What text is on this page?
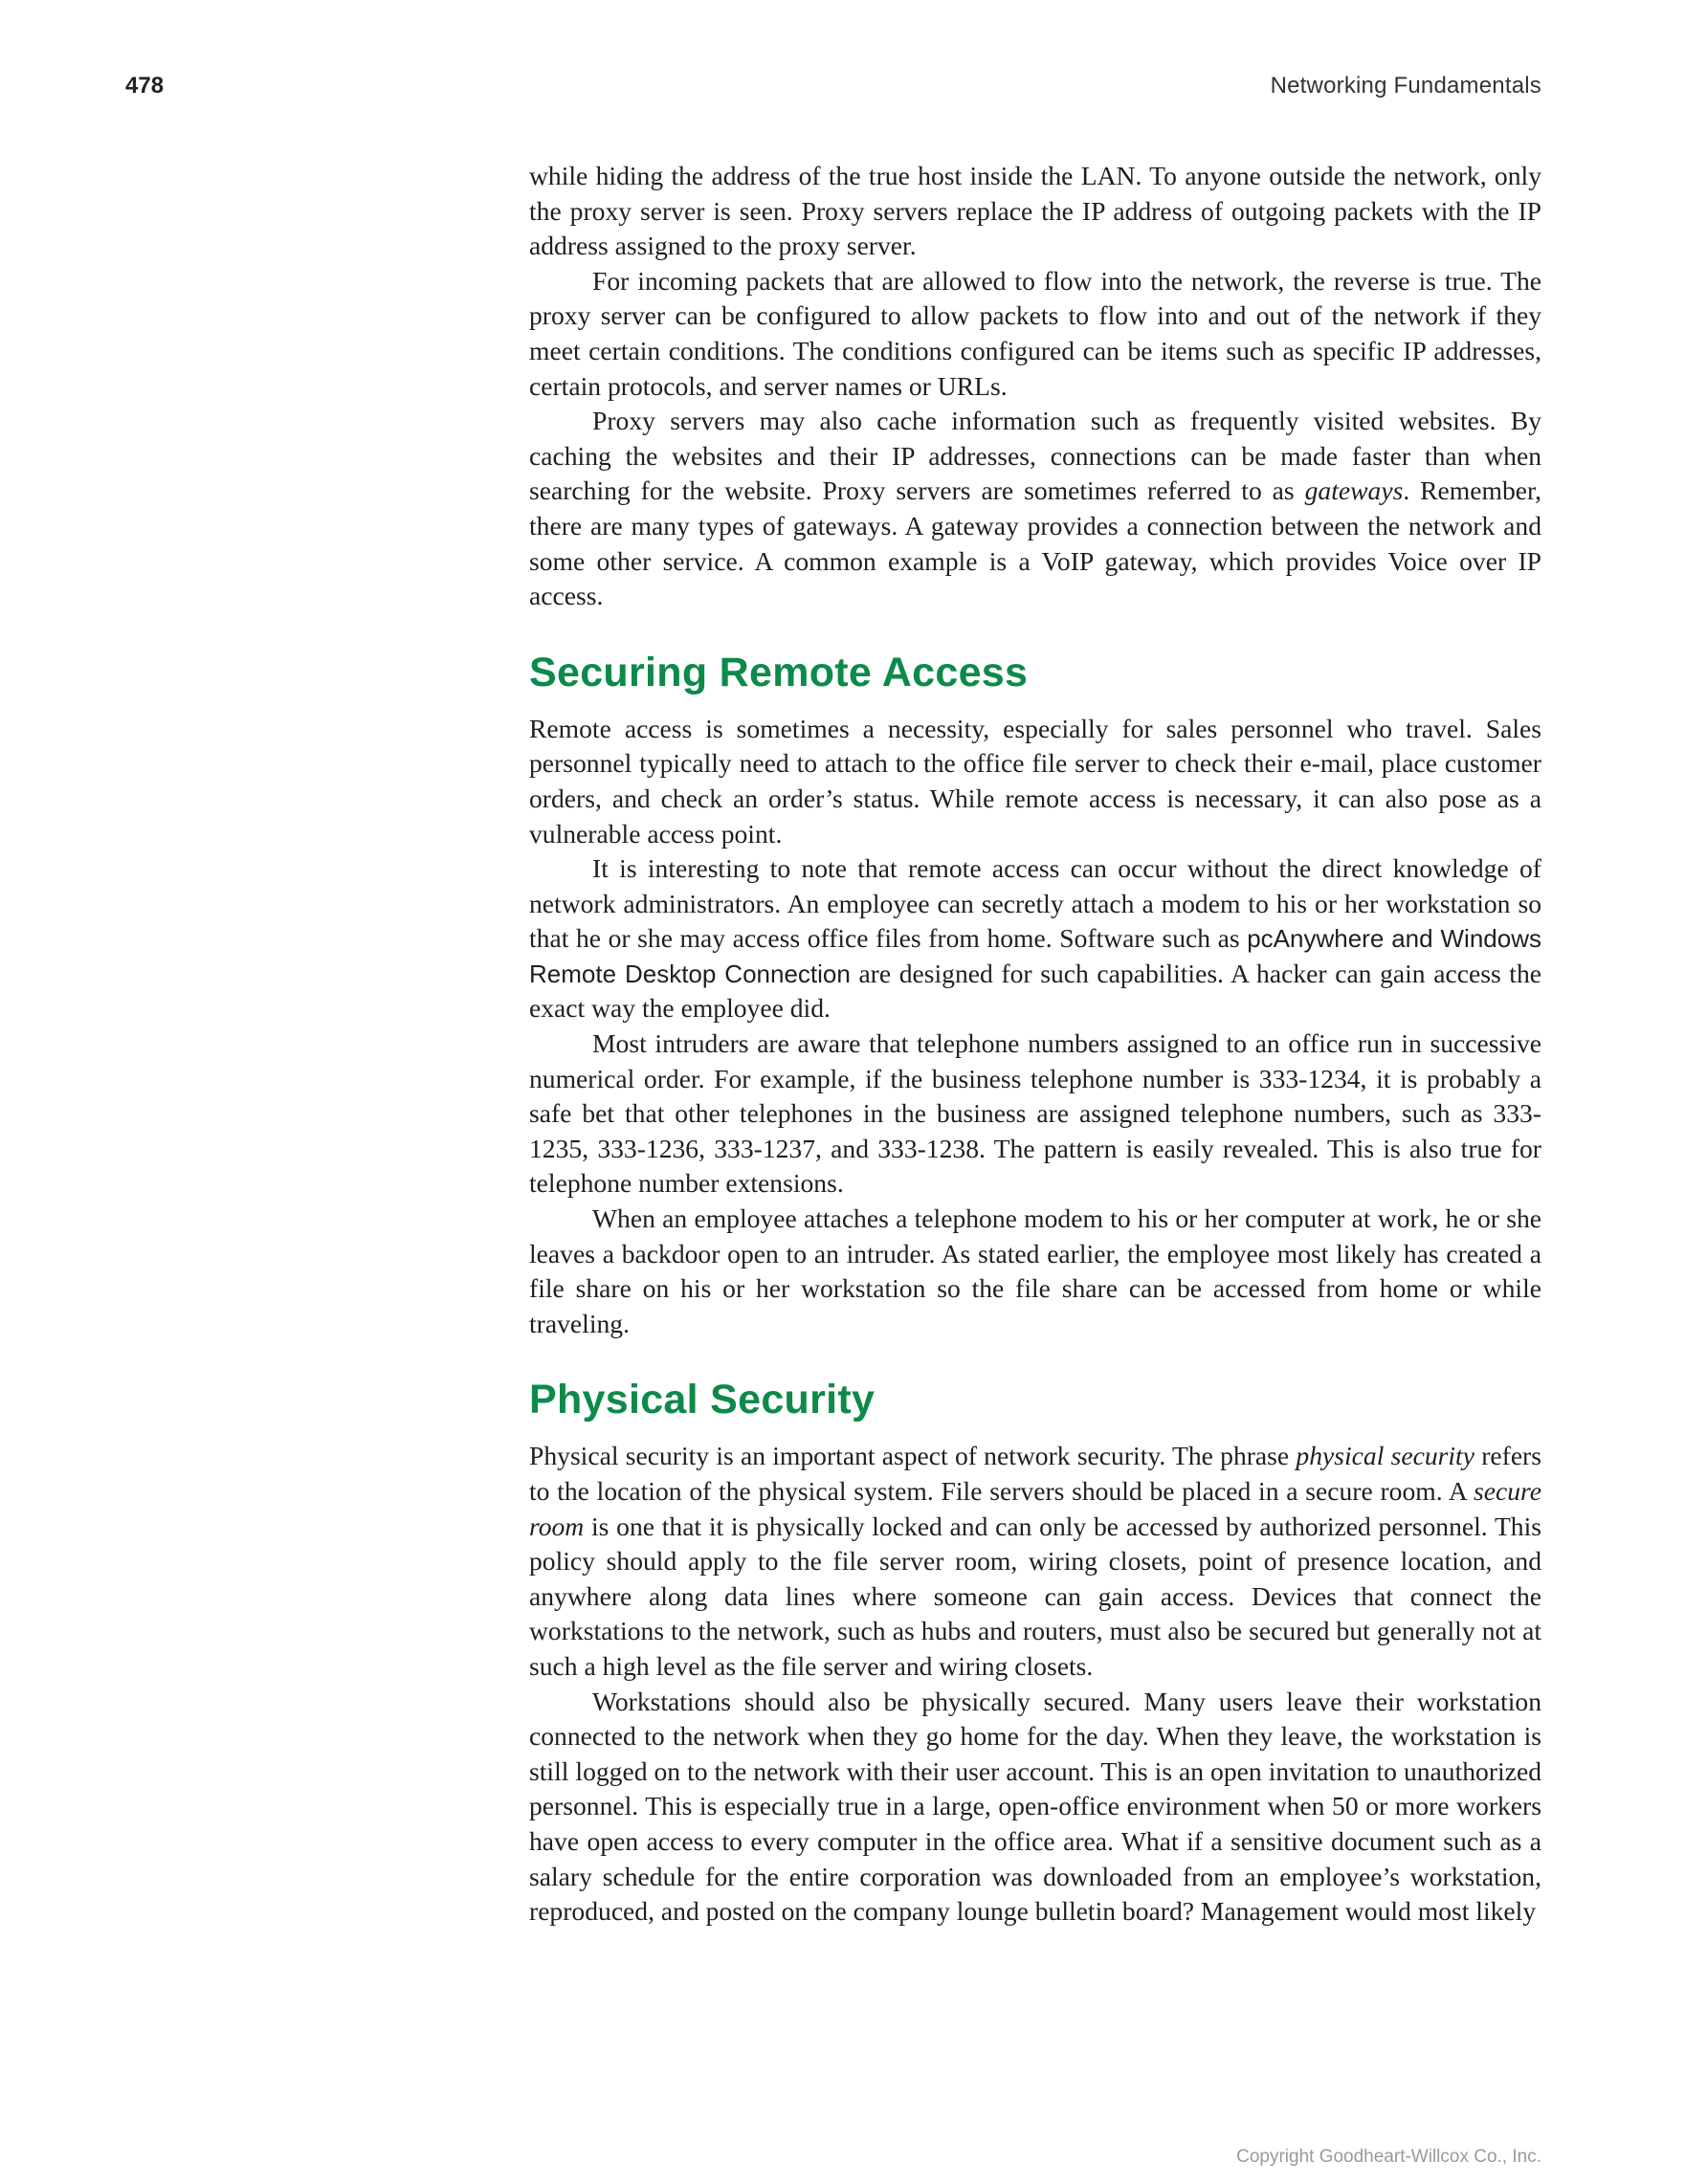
478	Networking Fundamentals

while hiding the address of the true host inside the LAN. To anyone outside the network, only the proxy server is seen. Proxy servers replace the IP address of outgoing packets with the IP address assigned to the proxy server.

For incoming packets that are allowed to flow into the network, the reverse is true. The proxy server can be configured to allow packets to flow into and out of the network if they meet certain conditions. The conditions configured can be items such as specific IP addresses, certain protocols, and server names or URLs.

Proxy servers may also cache information such as frequently visited websites. By caching the websites and their IP addresses, connections can be made faster than when searching for the website. Proxy servers are sometimes referred to as gateways. Remember, there are many types of gateways. A gateway provides a connection between the network and some other service. A common example is a VoIP gateway, which provides Voice over IP access.

Securing Remote Access

Remote access is sometimes a necessity, especially for sales personnel who travel. Sales personnel typically need to attach to the office file server to check their e-mail, place customer orders, and check an order’s status. While remote access is necessary, it can also pose as a vulnerable access point.

It is interesting to note that remote access can occur without the direct knowledge of network administrators. An employee can secretly attach a modem to his or her workstation so that he or she may access office files from home. Software such as pcAnywhere and Windows Remote Desktop Connection are designed for such capabilities. A hacker can gain access the exact way the employee did.

Most intruders are aware that telephone numbers assigned to an office run in successive numerical order. For example, if the business telephone number is 333-1234, it is probably a safe bet that other telephones in the business are assigned telephone numbers, such as 333-1235, 333-1236, 333-1237, and 333-1238. The pattern is easily revealed. This is also true for telephone number extensions.

When an employee attaches a telephone modem to his or her computer at work, he or she leaves a backdoor open to an intruder. As stated earlier, the employee most likely has created a file share on his or her workstation so the file share can be accessed from home or while traveling.

Physical Security

Physical security is an important aspect of network security. The phrase physical security refers to the location of the physical system. File servers should be placed in a secure room. A secure room is one that it is physically locked and can only be accessed by authorized personnel. This policy should apply to the file server room, wiring closets, point of presence location, and anywhere along data lines where someone can gain access. Devices that connect the workstations to the network, such as hubs and routers, must also be secured but generally not at such a high level as the file server and wiring closets.

Workstations should also be physically secured. Many users leave their workstation connected to the network when they go home for the day. When they leave, the workstation is still logged on to the network with their user account. This is an open invitation to unauthorized personnel. This is especially true in a large, open-office environment when 50 or more workers have open access to every computer in the office area. What if a sensitive document such as a salary schedule for the entire corporation was downloaded from an employee’s workstation, reproduced, and posted on the company lounge bulletin board? Management would most likely

Copyright Goodheart-Willcox Co., Inc.
